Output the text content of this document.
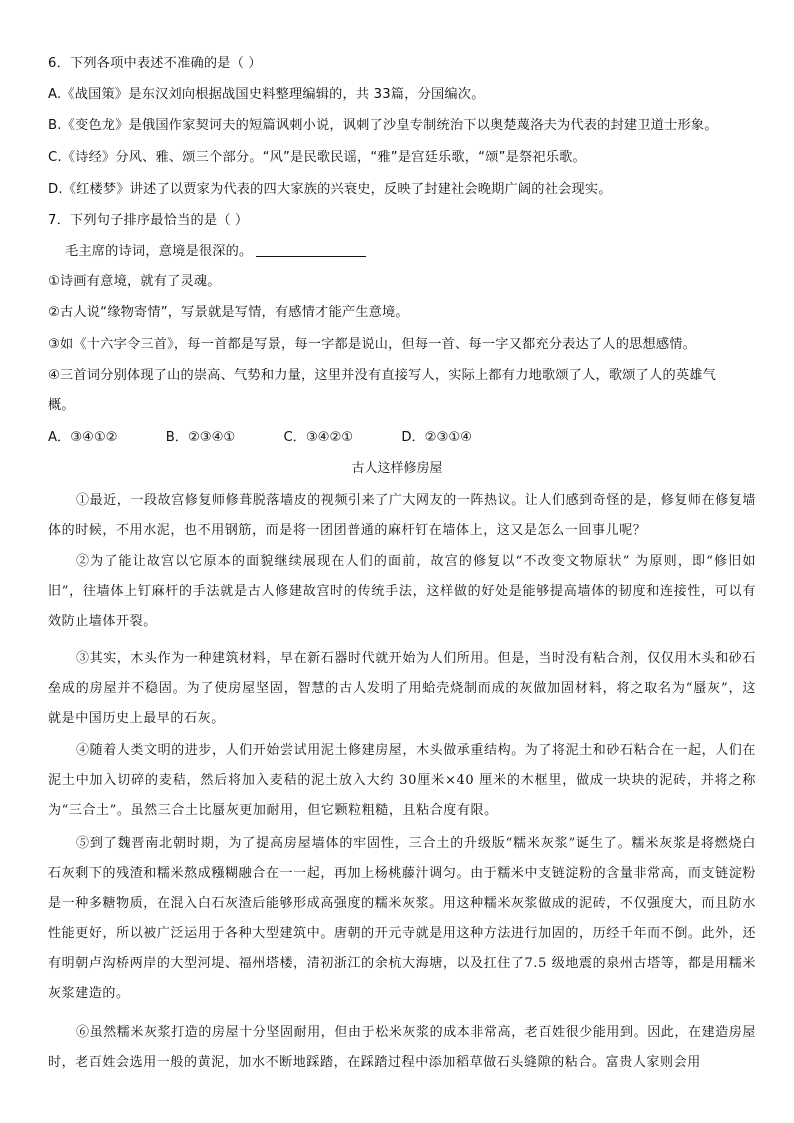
6．下列各项中表述不准确的是（ ）
A.《战国策》是东汉刘向根据战国史料整理编辑的，共 33篇，分国编次。
B.《变色龙》是俄国作家契诃夫的短篇讽刺小说，讽刺了沙皇专制统治下以奥楚蔑洛夫为代表的封建卫道士形象。
C.《诗经》分风、雅、颂三个部分。“风”是民歌民谣，“雅”是宫廷乐歌，“颂”是祭祀乐歌。
D.《红楼梦》讲述了以贾家为代表的四大家族的兴衰史，反映了封建社会晚期广阔的社会现实。
7．下列句子排序最恰当的是（ ）
毛主席的诗词，意境是很深的。
①诗画有意境，就有了灵魂。
②古人说“缘物寄情”，写景就是写情，有感情才能产生意境。
③如《十六字令三首》，每一首都是写景，每一字都是说山，但每一首、每一字又都充分表达了人的思想感情。
④三首词分别体现了山的崇高、气势和力量，这里并没有直接写人，实际上都有力地歌颂了人，歌颂了人的英雄气
概。
A．③④①②	B．②③④①	C．③④②①	D．②③①④
古人这样修房屋

①最近，一段故宫修复师修葺脱落墙皮的视频引来了广大网友的一阵热议。让人们感到奇怪的是，修复师在修复墙体的时候，不用水泥，也不用钢筋，而是将一团团普通的麻杆钉在墙体上，这又是怎么一回事儿呢？

②为了能让故宫以它原本的面貌继续展现在人们的面前，故宫的修复以“不改变文物原状” 为原则，即“修旧如旧”，往墙体上钉麻杆的手法就是古人修建故宫时的传统手法，这样做的好处是能够提高墙体的韧度和连接性，可以有效防止墙体开裂。

③其实，木头作为一种建筑材料，早在新石器时代就开始为人们所用。但是，当时没有粘合剂，仅仅用木头和砂石垒成的房屋并不稳固。为了使房屋坚固，智慧的古人发明了用蛤壳烧制而成的灰做加固材料，将之取名为“蜃灰”，这就是中国历史上最早的石灰。

④随着人类文明的进步，人们开始尝试用泥土修建房屋，木头做承重结构。为了将泥土和砂石粘合在一起，人们在泥土中加入切碎的麦秸，然后将加入麦秸的泥土放入大约 30厘米×40 厘米的木框里，做成一块块的泥砖，并将之称为“三合土”。虽然三合土比蜃灰更加耐用，但它颗粒粗糙，且粘合度有限。

⑤到了魏晋南北朝时期，为了提高房屋墙体的牢固性，三合土的升级版“糯米灰浆”诞生了。糯米灰浆是将燃烧白石灰剩下的残渣和糯米熬成糨糊融合在一一起，再加上杨桃藤汁调匀。由于糯米中支链淀粉的含量非常高，而支链淀粉是一种多糖物质，在混入白石灰渣后能够形成高强度的糯米灰浆。用这种糯米灰浆做成的泥砖，不仅强度大，而且防水性能更好，所以被广泛运用于各种大型建筑中。唐朝的开元寺就是用这种方法进行加固的，历经千年而不倒。此外，还有明朝卢沟桥两岸的大型河堤、福州塔楼，清初浙江的余杭大海塘，以及扛住了7.5 级地震的泉州古塔等，都是用糯米灰浆建造的。

⑥虽然糯米灰浆打造的房屋十分坚固耐用，但由于松米灰浆的成本非常高，老百姓很少能用到。因此，在建造房屋时，老百姓会选用一般的黄泥，加水不断地踩踏，在踩踏过程中添加稻草做石头缝隙的粘合。富贵人家则会用
